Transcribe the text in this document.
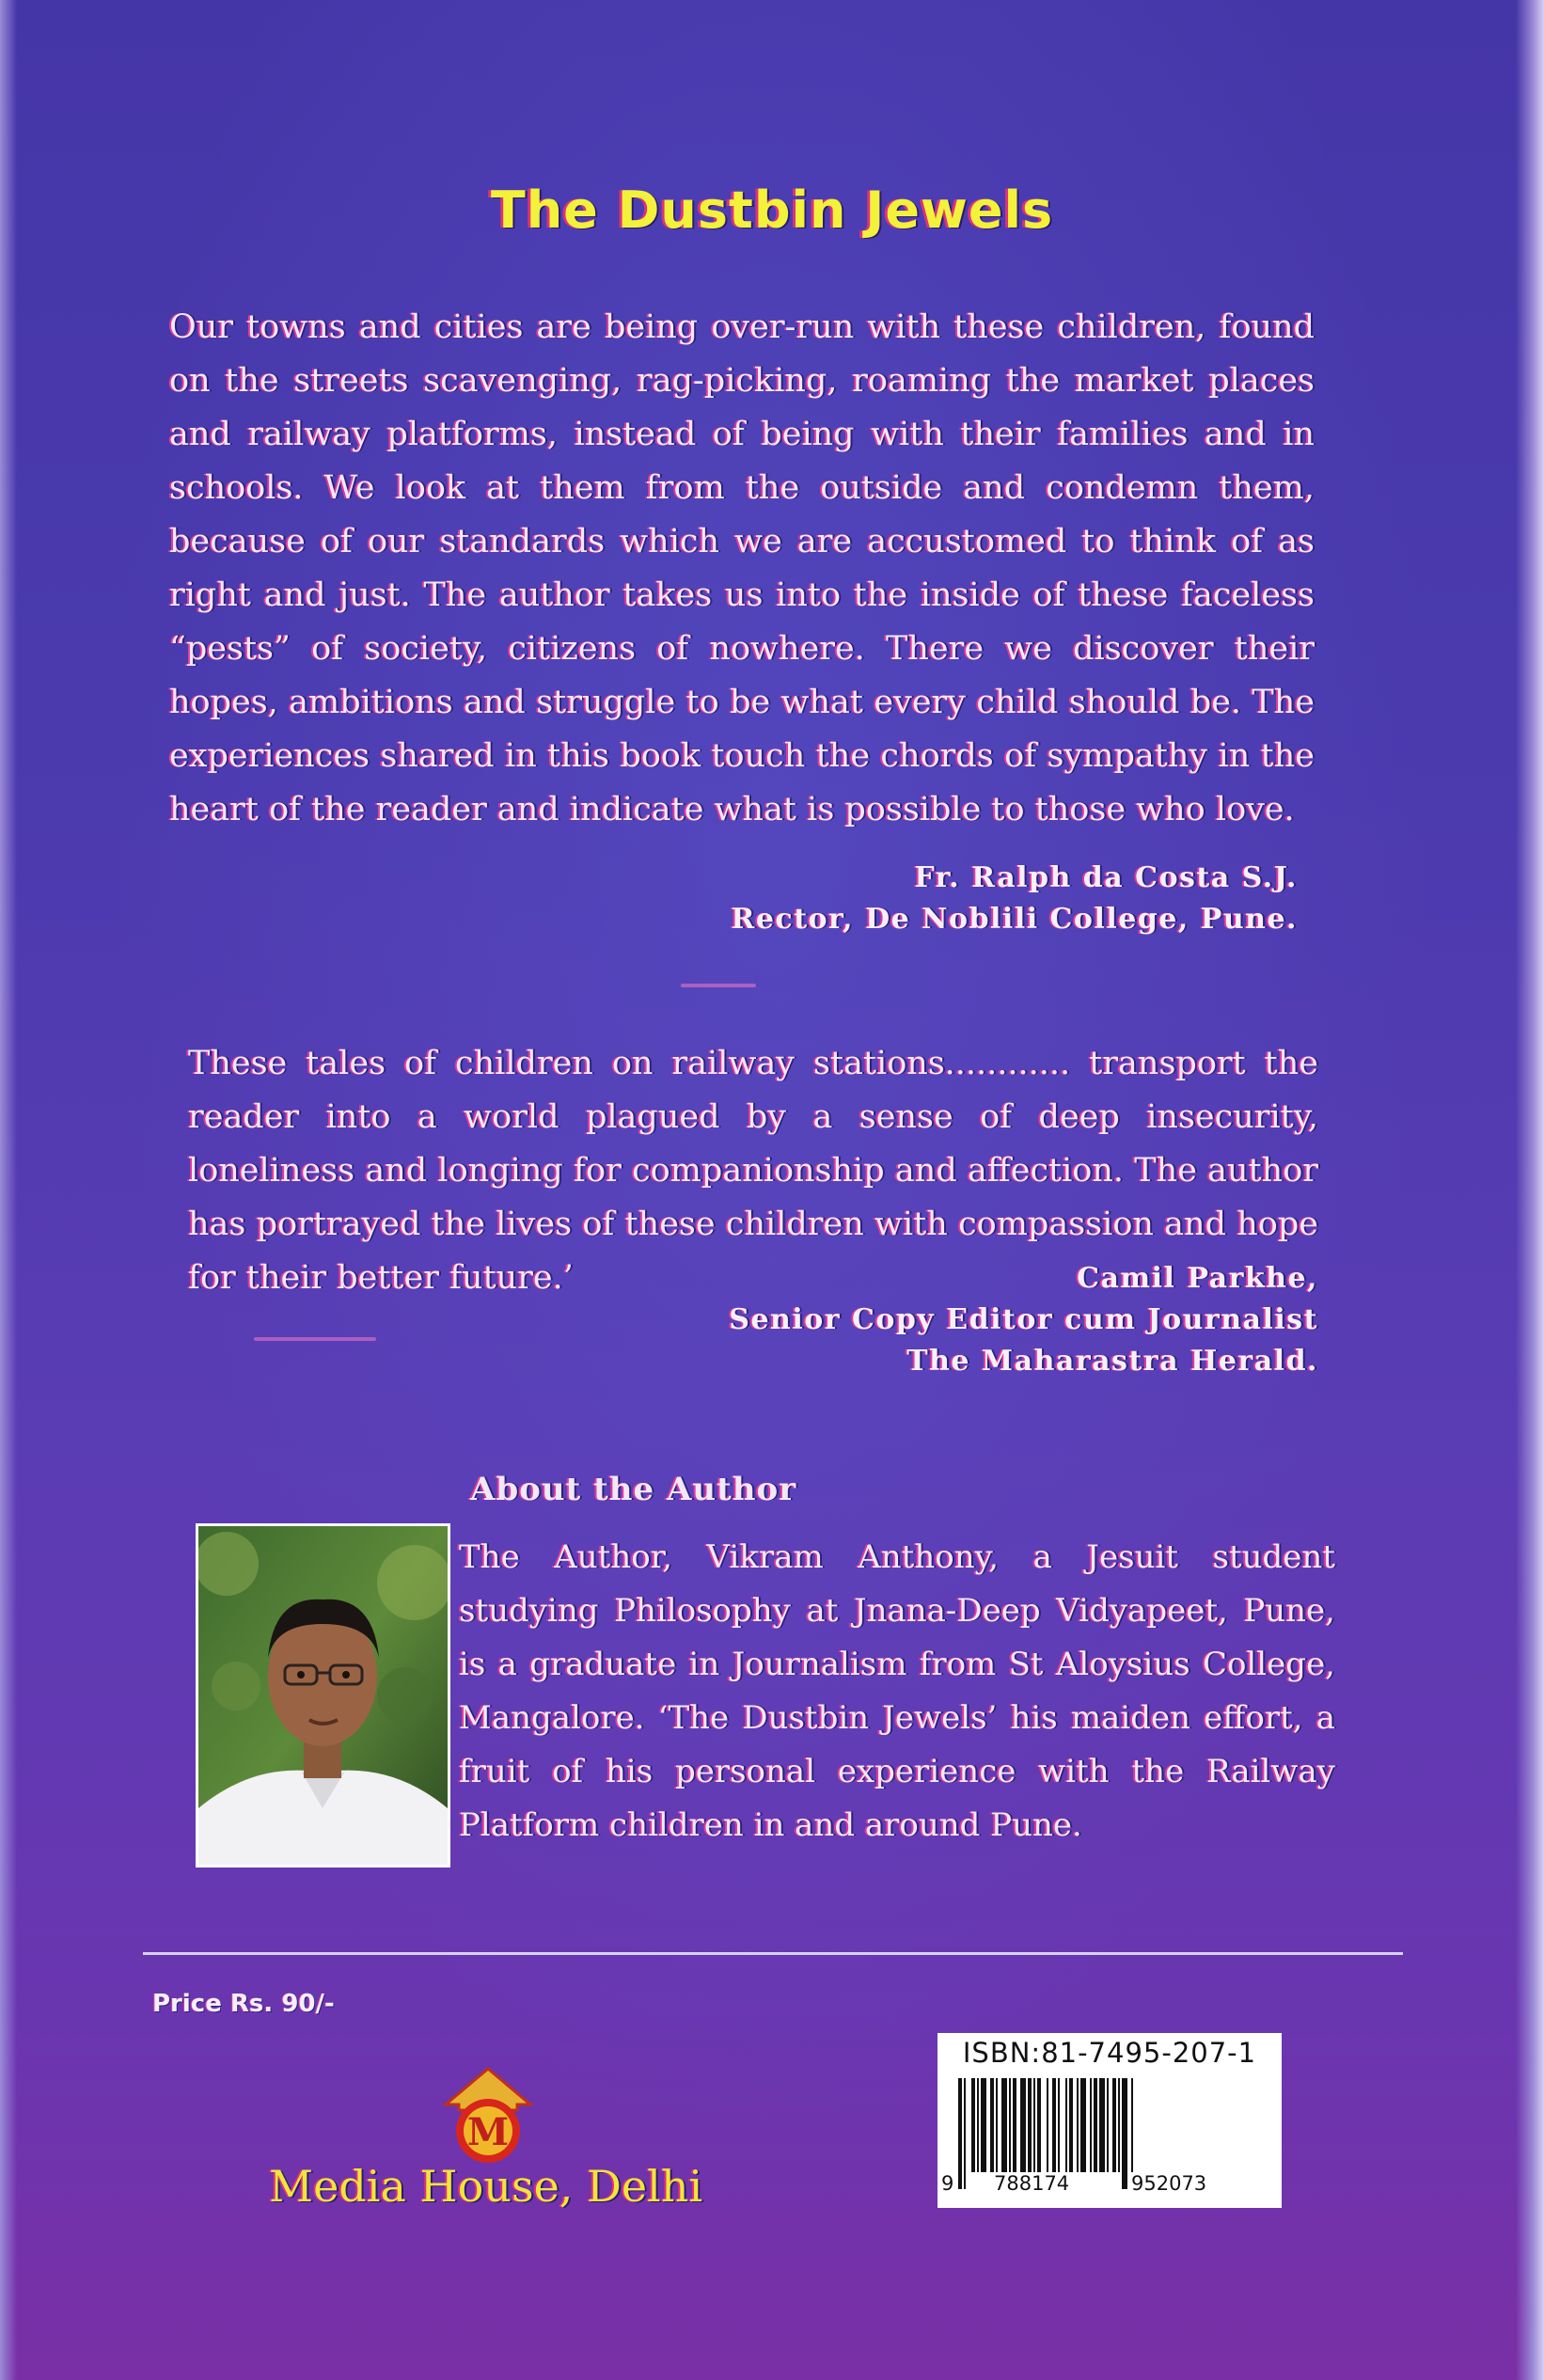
The Dustbin Jewels

Our towns and cities are being over-run with these children, found on the streets scavenging, rag-picking, roaming the market places and railway platforms, instead of being with their families and in schools. We look at them from the outside and condemn them, because of our standards which we are accustomed to think of as right and just. The author takes us into the inside of these faceless “pests” of society, citizens of nowhere. There we discover their hopes, ambitions and struggle to be what every child should be. The experiences shared in this book touch the chords of sympathy in the heart of the reader and indicate what is possible to those who love.

Fr. Ralph da Costa S.J.
Rector, De Noblili College, Pune.

These tales of children on railway stations............ transport the reader into a world plagued by a sense of deep insecurity, loneliness and longing for companionship and affection. The author has portrayed the lives of these children with compassion and hope for their better future.’	Camil Parkhe,
Senior Copy Editor cum Journalist
The Maharastra Herald.
About the Author

The Author, Vikram Anthony, a Jesuit student studying Philosophy at Jnana-Deep Vidyapeet, Pune, is a graduate in Journalism from St Aloysius College, Mangalore. ‘The Dustbin Jewels’ his maiden effort, a fruit of his personal experience with the Railway Platform children in and around Pune.

Price Rs. 90/-
M
Media House, Delhi
ISBN:81-7495-207-1
9 788174	952073
